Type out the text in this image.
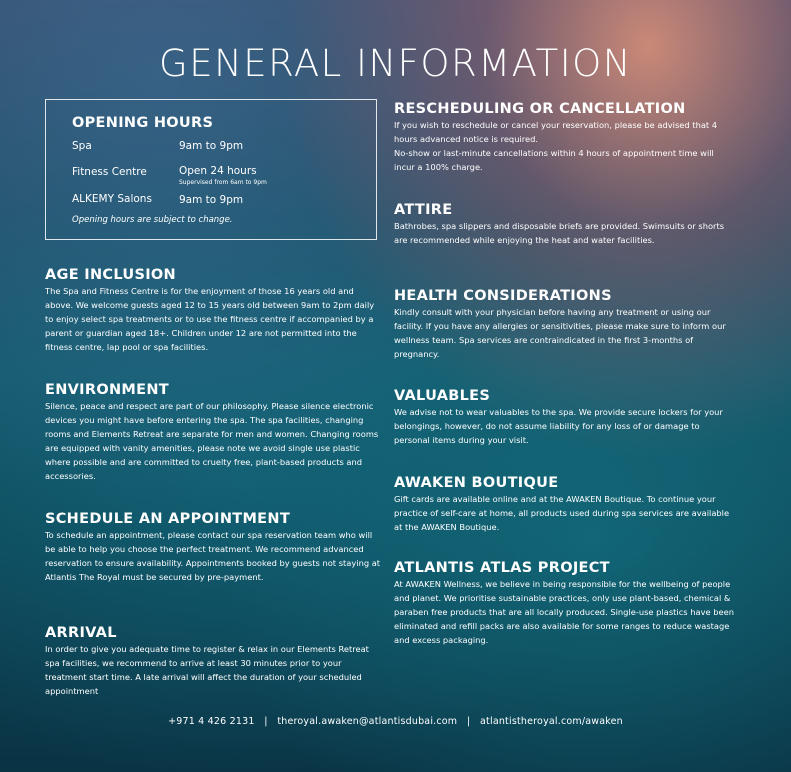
GENERAL INFORMATION
OPENING HOURS
Spa	9am to 9pm
Fitness Centre	Open 24 hours
Supervised from 6am to 9pm
ALKEMY Salons	9am to 9pm
Opening hours are subject to change.
AGE INCLUSION

The Spa and Fitness Centre is for the enjoyment of those 16 years old and above. We welcome guests aged 12 to 15 years old between 9am to 2pm daily to enjoy select spa treatments or to use the fitness centre if accompanied by a parent or guardian aged 18+. Children under 12 are not permitted into the fitness centre, lap pool or spa facilities.

ENVIRONMENT

Silence, peace and respect are part of our philosophy. Please silence electronic devices you might have before entering the spa. The spa facilities, changing rooms and Elements Retreat are separate for men and women. Changing rooms are equipped with vanity amenities, please note we avoid single use plastic where possible and are committed to cruelty free, plant-based products and accessories.

SCHEDULE AN APPOINTMENT

To schedule an appointment, please contact our spa reservation team who will be able to help you choose the perfect treatment. We recommend advanced reservation to ensure availability. Appointments booked by guests not staying at Atlantis The Royal must be secured by pre-payment.

ARRIVAL

In order to give you adequate time to register & relax in our Elements Retreat spa facilities, we recommend to arrive at least 30 minutes prior to your treatment start time. A late arrival will affect the duration of your scheduled appointment

RESCHEDULING OR CANCELLATION

If you wish to reschedule or cancel your reservation, please be advised that 4 hours advanced notice is required.

No-show or last-minute cancellations within 4 hours of appointment time will incur a 100% charge.

ATTIRE

Bathrobes, spa slippers and disposable briefs are provided. Swimsuits or shorts are recommended while enjoying the heat and water facilities.

HEALTH CONSIDERATIONS

Kindly consult with your physician before having any treatment or using our facility. If you have any allergies or sensitivities, please make sure to inform our wellness team. Spa services are contraindicated in the first 3-months of pregnancy.

VALUABLES

We advise not to wear valuables to the spa. We provide secure lockers for your belongings, however, do not assume liability for any loss of or damage to personal items during your visit.

AWAKEN BOUTIQUE

Gift cards are available online and at the AWAKEN Boutique. To continue your practice of self-care at home, all products used during spa services are available at the AWAKEN Boutique.

ATLANTIS ATLAS PROJECT

At AWAKEN Wellness, we believe in being responsible for the wellbeing of people and planet. We prioritise sustainable practices, only use plant-based, chemical & paraben free products that are all locally produced. Single-use plastics have been eliminated and refill packs are also available for some ranges to reduce wastage and excess packaging.

+971 4 426 2131 | theroyal.awaken@atlantisdubai.com | atlantistheroyal.com/awaken
